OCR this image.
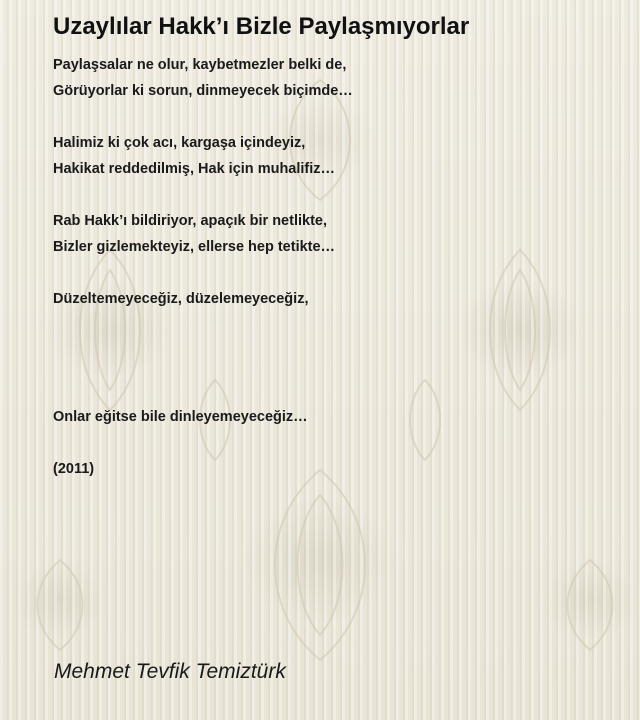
Uzaylılar Hakk’ı Bizle Paylaşmıyorlar
Paylaşsalar ne olur, kaybetmezler belki de,
Görüyorlar ki sorun, dinmeyecek biçimde…
Halimiz ki çok acı, kargaşa içindeyiz,
Hakikat reddedilmiş, Hak için muhalifiz…
Rab Hakk’ı bildiriyor, apaçık bir netlikte,
Bizler gizlemekteyiz, ellerse hep tetikte…
Düzeltemeyeceğiz, düzelemeyeceğiz,
Onlar eğitse bile dinleyemeyeceğiz…
(2011)
Mehmet Tevfik Temiztürk
